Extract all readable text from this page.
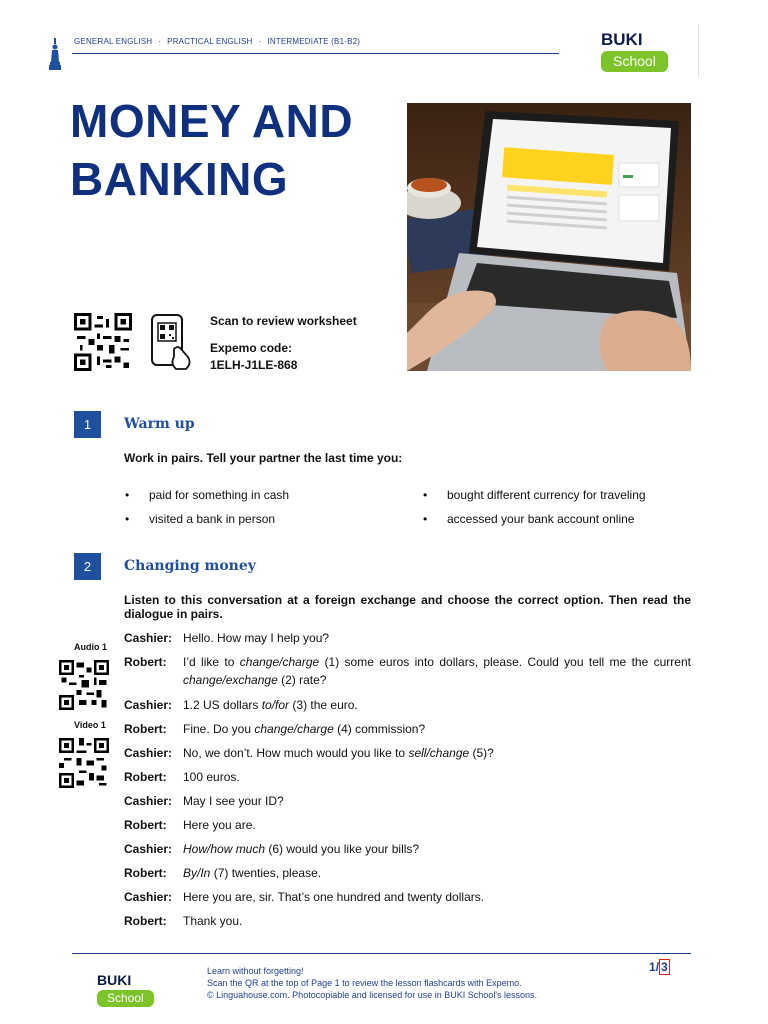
GENERAL ENGLISH · PRACTICAL ENGLISH · INTERMEDIATE (B1-B2)	BUKI
School
MONEY AND
BANKING
Scan to review worksheet
Expemo code:
1ELH-J1LE-868
1	Warm up
Work in pairs. Tell your partner the last time you:
• paid for something in cash	• bought different currency for traveling
• visited a bank in person	• accessed your bank account online
2	Changing money
Listen to this conversation at a foreign exchange and choose the correct option. Then read the dialogue in pairs.
Audio 1
Video 1
Cashier: Hello. How may I help you?
Robert: I’d like to change/charge (1) some euros into dollars, please. Could you tell me the current change/exchange (2) rate?
Cashier: 1.2 US dollars to/for (3) the euro.
Robert: Fine. Do you change/charge (4) commission?
Cashier: No, we don’t. How much would you like to sell/change (5)?
Robert: 100 euros.
Cashier: May I see your ID?
Robert: Here you are.
Cashier: How/how much (6) would you like your bills?
Robert: By/In (7) twenties, please.
Cashier: Here you are, sir. That’s one hundred and twenty dollars.
Robert: Thank you.
BUKI
School
Learn without forgetting!
Scan the QR at the top of Page 1 to review the lesson flashcards with Expemo.
© Linguahouse.com. Photocopiable and licensed for use in BUKI School's lessons.
1/ 3
